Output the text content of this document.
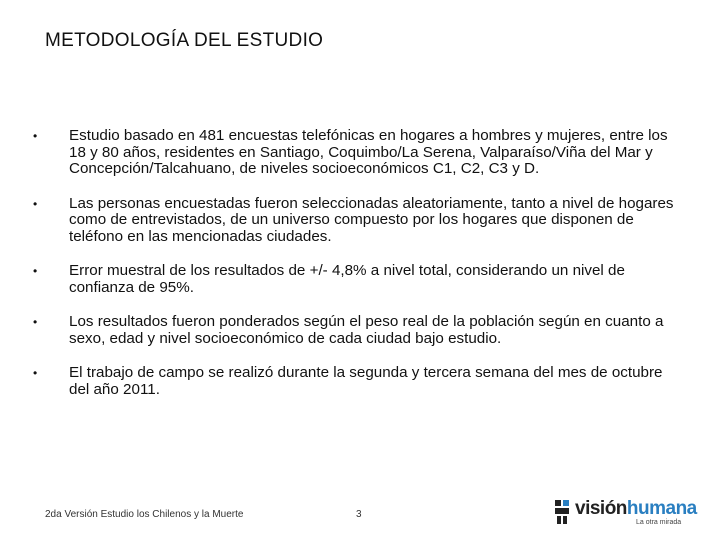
METODOLOGÍA DEL ESTUDIO
•	Estudio basado en 481 encuestas telefónicas en hogares a hombres y mujeres, entre los 18 y 80 años, residentes en Santiago, Coquimbo/La Serena, Valparaíso/Viña del Mar y Concepción/Talcahuano, de niveles socioeconómicos C1, C2, C3 y D.
•	Las personas encuestadas fueron seleccionadas aleatoriamente, tanto a nivel de hogares como de entrevistados, de un universo compuesto por los hogares que disponen de teléfono en las mencionadas ciudades.
•	Error muestral de los resultados de +/- 4,8% a nivel total, considerando un nivel de confianza de 95%.
•	Los resultados fueron ponderados según el peso real de la población según en cuanto a sexo, edad y nivel socioeconómico de cada ciudad bajo estudio.
•	El trabajo de campo se realizó durante la segunda y tercera semana del mes de octubre del año 2011.
2da Versión Estudio los Chilenos y la Muerte	3	visiónhumana
La otra mirada
